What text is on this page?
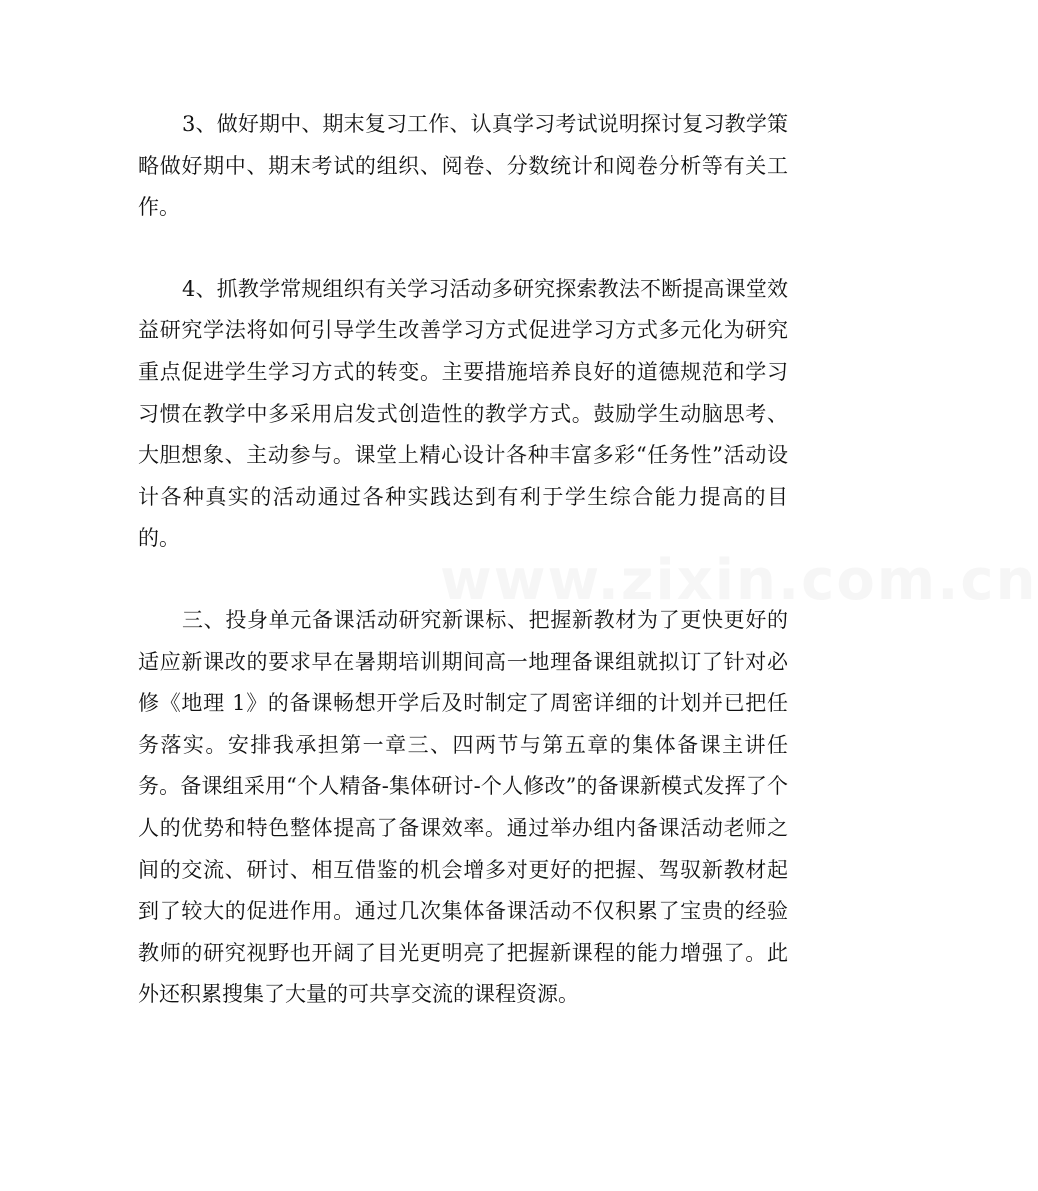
www.zixin.com.cn

3、做好期中、期末复习工作、认真学习考试说明探讨复习教学策略做好期中、期末考试的组织、阅卷、分数统计和阅卷分析等有关工作。

4、抓教学常规组织有关学习活动多研究探索教法不断提高课堂效益研究学法将如何引导学生改善学习方式促进学习方式多元化为研究重点促进学生学习方式的转变。主要措施培养良好的道德规范和学习习惯在教学中多采用启发式创造性的教学方式。鼓励学生动脑思考、大胆想象、主动参与。课堂上精心设计各种丰富多彩“任务性”活动设计各种真实的活动通过各种实践达到有利于学生综合能力提高的目的。

三、投身单元备课活动研究新课标、把握新教材为了更快更好的适应新课改的要求早在暑期培训期间高一地理备课组就拟订了针对必修《地理 1》的备课畅想开学后及时制定了周密详细的计划并已把任务落实。安排我承担第一章三、四两节与第五章的集体备课主讲任务。备课组采用“个人精备-集体研讨-个人修改”的备课新模式发挥了个人的优势和特色整体提高了备课效率。通过举办组内备课活动老师之间的交流、研讨、相互借鉴的机会增多对更好的把握、驾驭新教材起到了较大的促进作用。通过几次集体备课活动不仅积累了宝贵的经验教师的研究视野也开阔了目光更明亮了把握新课程的能力增强了。此外还积累搜集了大量的可共享交流的课程资源。
